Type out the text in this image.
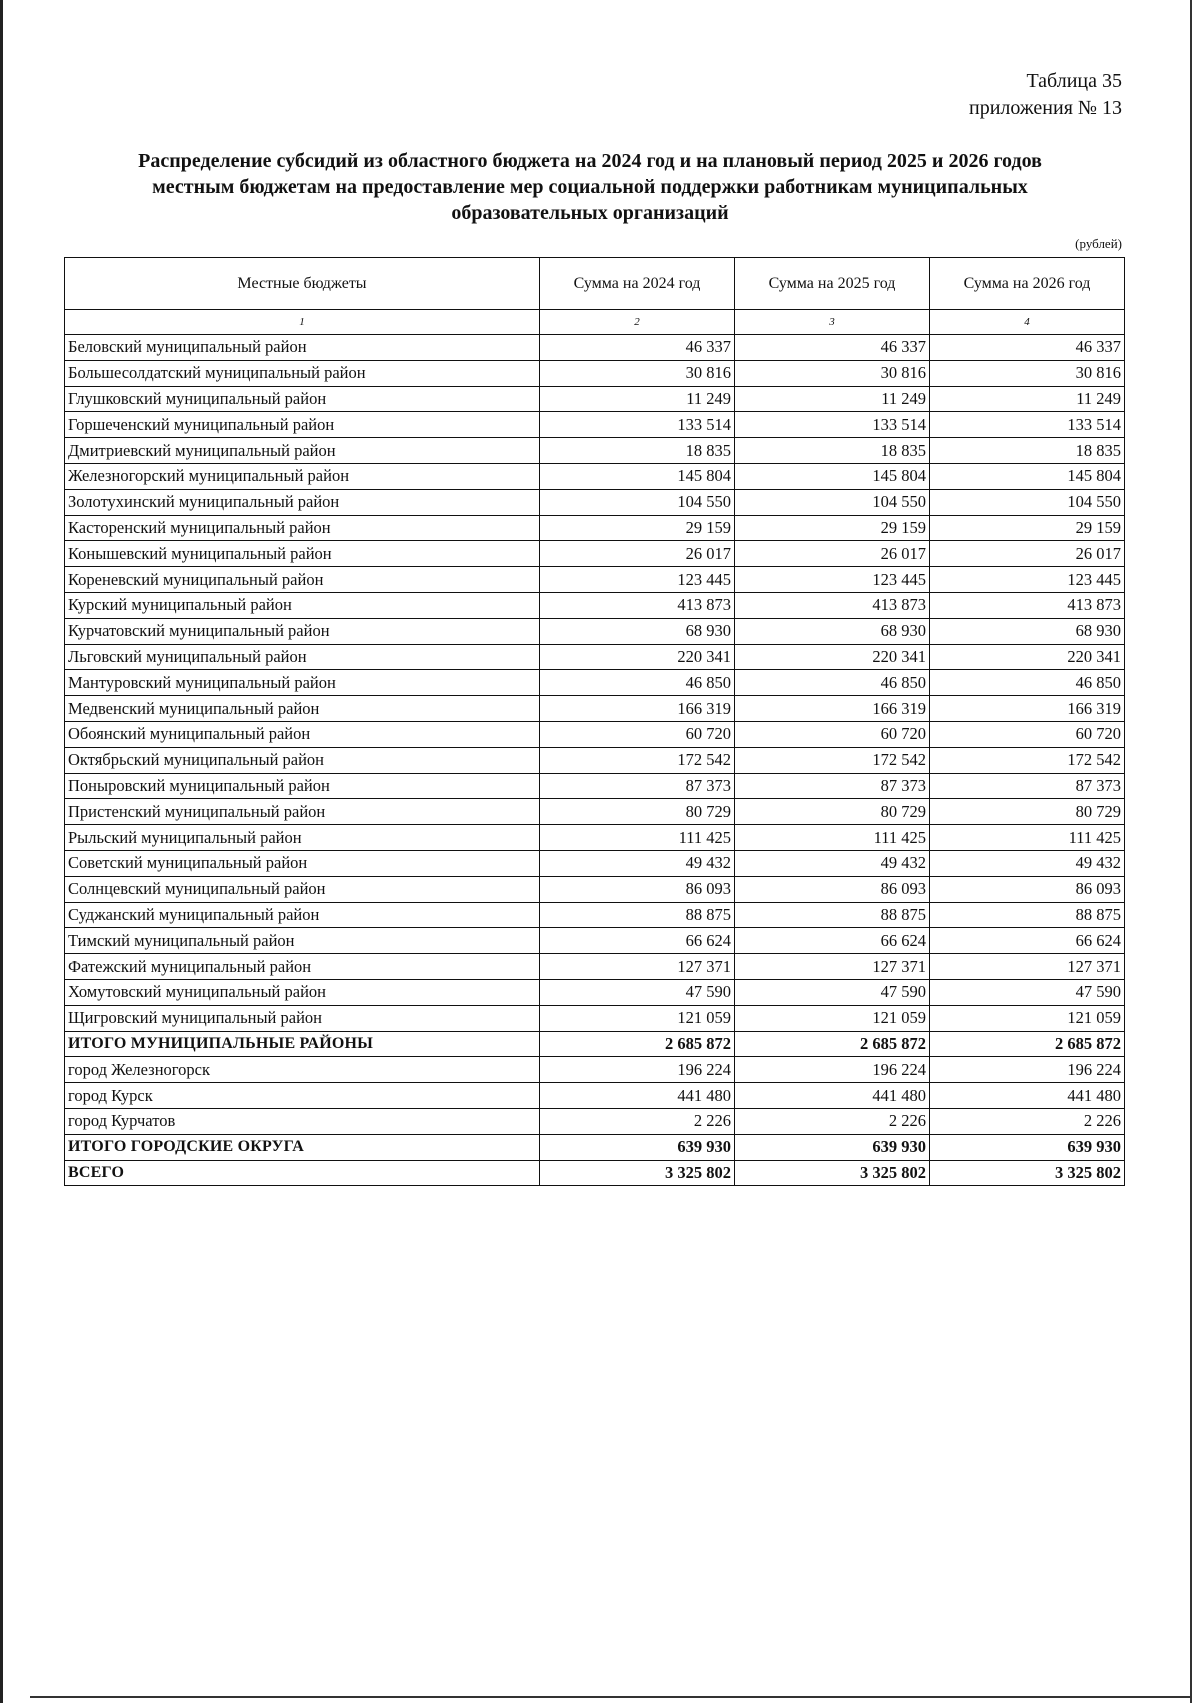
Таблица 35
приложения № 13
Распределение субсидий из областного бюджета на 2024 год и на плановый период 2025 и 2026 годов
местным бюджетам на предоставление мер социальной поддержки работникам муниципальных
образовательных организаций
(рублей)
Местные бюджеты	Сумма на 2024 год	Сумма на 2025 год	Сумма на 2026 год
1	2	3	4
Беловский муниципальный район	46 337	46 337	46 337
Большесолдатский муниципальный район	30 816	30 816	30 816
Глушковский муниципальный район	11 249	11 249	11 249
Горшеченский муниципальный район	133 514	133 514	133 514
Дмитриевский муниципальный район	18 835	18 835	18 835
Железногорский муниципальный район	145 804	145 804	145 804
Золотухинский муниципальный район	104 550	104 550	104 550
Касторенский муниципальный район	29 159	29 159	29 159
Конышевский муниципальный район	26 017	26 017	26 017
Кореневский муниципальный район	123 445	123 445	123 445
Курский муниципальный район	413 873	413 873	413 873
Курчатовский муниципальный район	68 930	68 930	68 930
Льговский муниципальный район	220 341	220 341	220 341
Мантуровский муниципальный район	46 850	46 850	46 850
Медвенский муниципальный район	166 319	166 319	166 319
Обоянский муниципальный район	60 720	60 720	60 720
Октябрьский муниципальный район	172 542	172 542	172 542
Поныровский муниципальный район	87 373	87 373	87 373
Пристенский муниципальный район	80 729	80 729	80 729
Рыльский муниципальный район	111 425	111 425	111 425
Советский муниципальный район	49 432	49 432	49 432
Солнцевский муниципальный район	86 093	86 093	86 093
Суджанский муниципальный район	88 875	88 875	88 875
Тимский муниципальный район	66 624	66 624	66 624
Фатежский муниципальный район	127 371	127 371	127 371
Хомутовский муниципальный район	47 590	47 590	47 590
Щигровский муниципальный район	121 059	121 059	121 059
ИТОГО МУНИЦИПАЛЬНЫЕ РАЙОНЫ	2 685 872	2 685 872	2 685 872
город Железногорск	196 224	196 224	196 224
город Курск	441 480	441 480	441 480
город Курчатов	2 226	2 226	2 226
ИТОГО ГОРОДСКИЕ ОКРУГА	639 930	639 930	639 930
ВСЕГО	3 325 802	3 325 802	3 325 802
